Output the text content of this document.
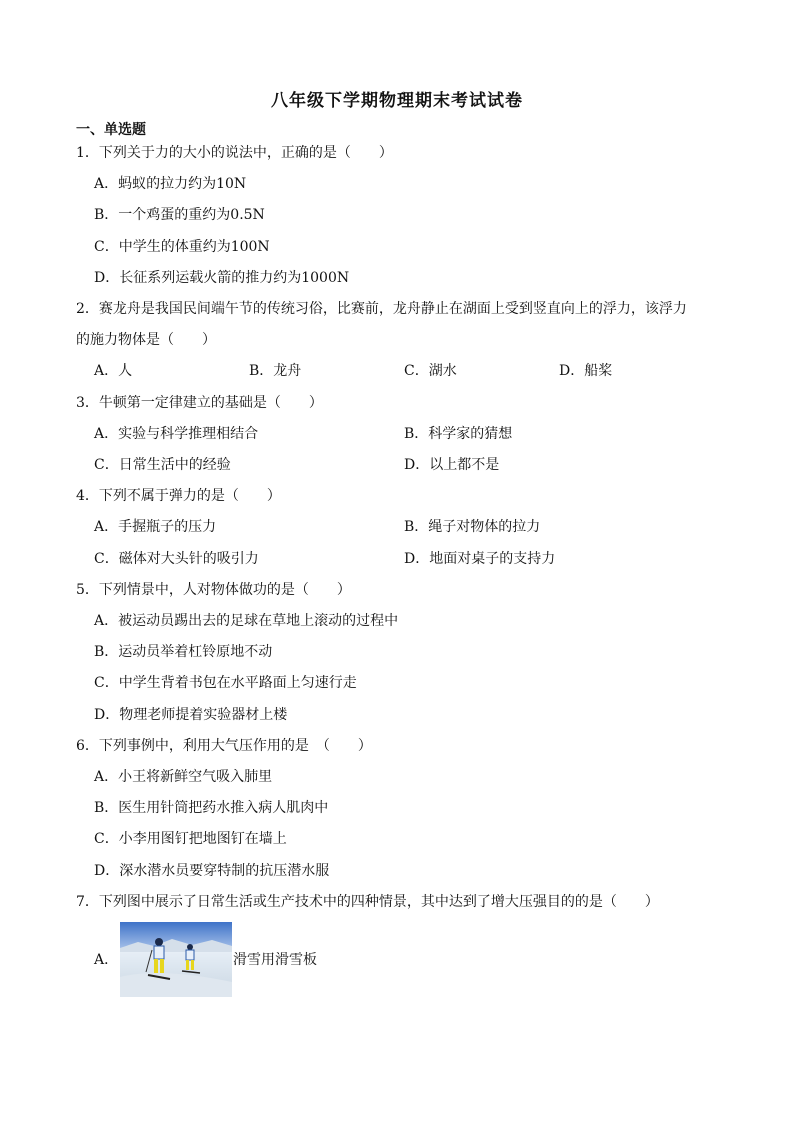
八年级下学期物理期末考试试卷
一、单选题
1．下列关于力的大小的说法中，正确的是（　　）
A．蚂蚁的拉力约为10N
B．一个鸡蛋的重约为0.5N
C．中学生的体重约为100N
D．长征系列运载火箭的推力约为1000N
2．赛龙舟是我国民间端午节的传统习俗，比赛前，龙舟静止在湖面上受到竖直向上的浮力，该浮力
的施力物体是（　　）
A．人	B．龙舟	C．湖水	D．船桨
3．牛顿第一定律建立的基础是（　　）
A．实验与科学推理相结合	B．科学家的猜想
C．日常生活中的经验	D．以上都不是
4．下列不属于弹力的是（　　）
A．手握瓶子的压力	B．绳子对物体的拉力
C．磁体对大头针的吸引力	D．地面对桌子的支持力
5．下列情景中，人对物体做功的是（　　）
A．被运动员踢出去的足球在草地上滚动的过程中
B．运动员举着杠铃原地不动
C．中学生背着书包在水平路面上匀速行走
D．物理老师提着实验器材上楼
6．下列事例中，利用大气压作用的是　（　　）
A．小王将新鲜空气吸入肺里
B．医生用针筒把药水推入病人肌肉中
C．小李用图钉把地图钉在墙上
D．深水潜水员要穿特制的抗压潜水服
7．下列图中展示了日常生活或生产技术中的四种情景，其中达到了增大压强目的的是（　　）
A．	滑雪用滑雪板
